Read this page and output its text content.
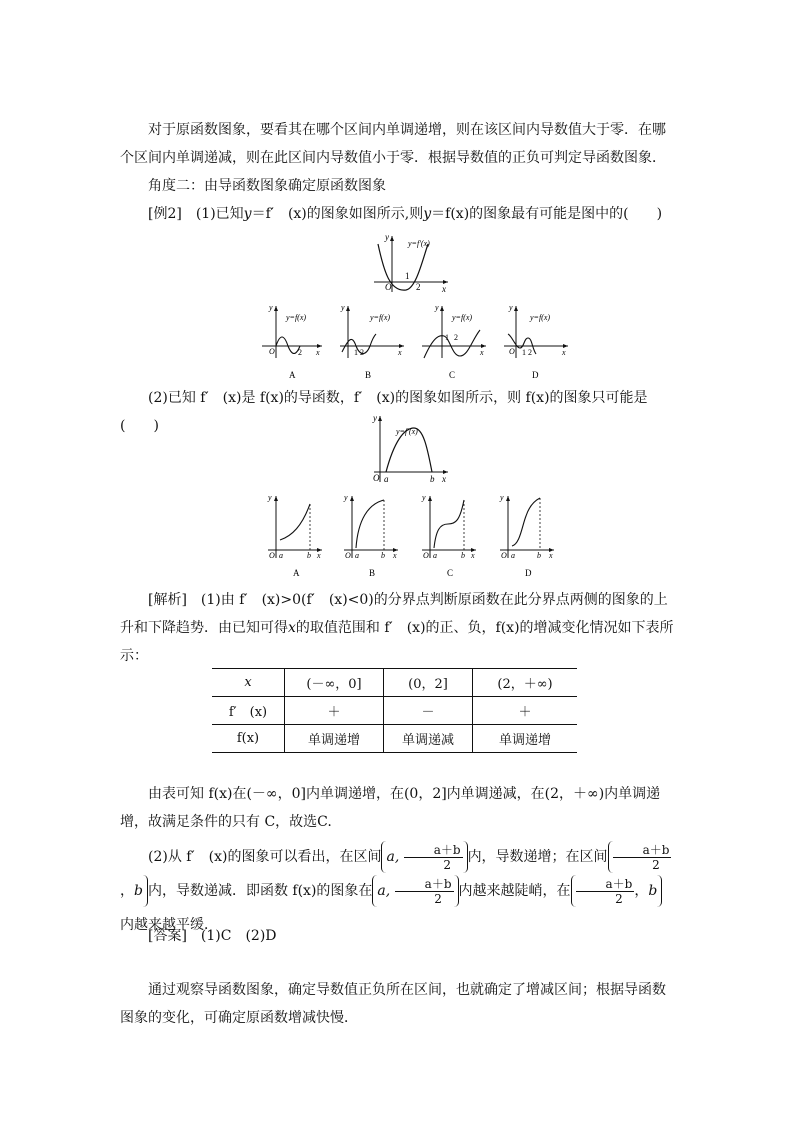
对于原函数图象，要看其在哪个区间内单调递增，则在该区间内导数值大于零．在哪个区间内单调递减，则在此区间内导数值小于零．根据导数值的正负可判定导函数图象．

角度二：由导函数图象确定原函数图象

[例2]　(1)已知y＝f′　(x)的图象如图所示,则y＝f(x)的图象最有可能是图中的(　　)

y
x
O
1
2
y=f′(x)
y
x
O	2
y=f(x)
A
y
x
1 2
y=f(x)
B
y
x
1 2
y=f(x)
C
y
x
O 1 2
y=f(x)
D

(2)已知 f′　(x)是 f(x)的导函数，f′　(x)的图象如图所示，则 f(x)的图象只可能是(　　)	y
x
O a	b
y=f′(x)
y
O a	b x
A
y
O a	b x
B
y
O a	b x
C
y
O a	b x
D

[解析]　(1)由 f′　(x)>0(f′　(x)<0)的分界点判断原函数在此分界点两侧的图象的上升和下降趋势．由已知可得x的取值范围和 f′　(x)的正、负，f(x)的增减变化情况如下表所示：

x	(－∞，0]	(0，2]	(2，＋∞)
f′　(x)	＋	－	＋
f(x)	单调递增	单调递减	单调递增

由表可知 f(x)在(－∞，0]内单调递增，在(0，2]内单调递减，在(2，＋∞)内单调递增，故满足条件的只有 C，故选C.

(2)从 f′　(x)的图象可以看出，在区间 a, $\frac{a+b}{2}$ 内，导数递增；在区间 $\frac{a+b}{2}$
，b 内，导数递减．即函数 f(x)的图象在 a, $\frac{a+b}{2}$ 内越来越陡峭，在 $\frac{a+b}{2}$ ，b内越来越平缓．

[答案]　(1)C　(2)D

通过观察导函数图象，确定导数值正负所在区间，也就确定了增减区间；根据导函数图象的变化，可确定原函数增减快慢．
